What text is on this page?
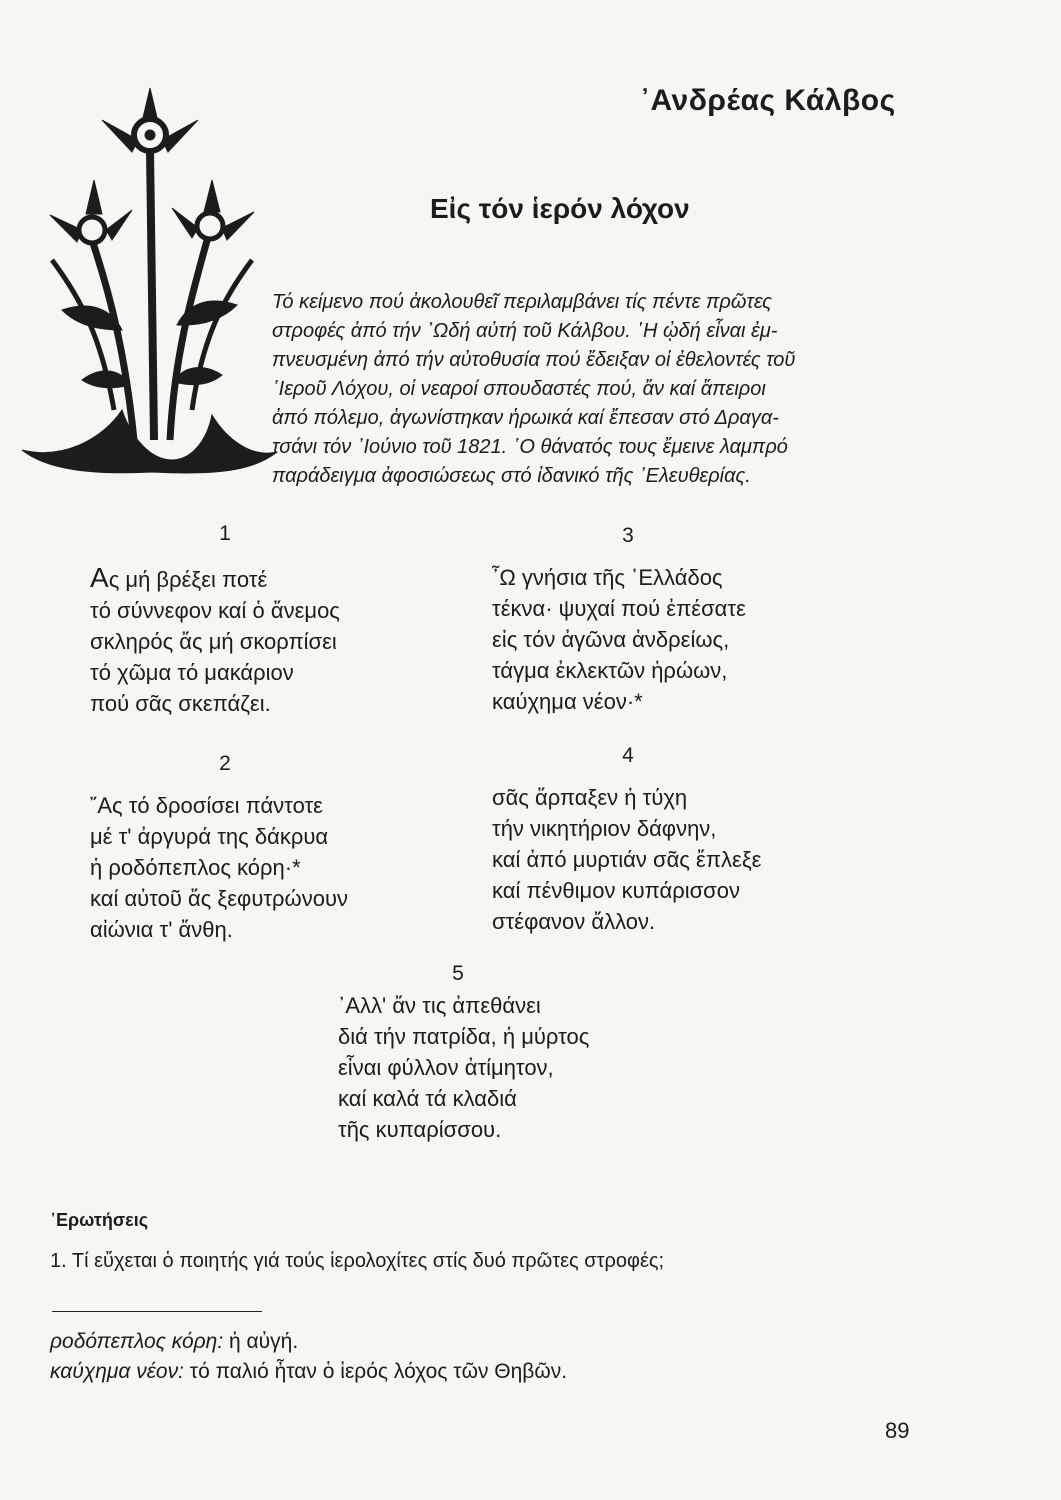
᾿Ανδρέας Κάλβος
Εἰς τόν ἱερόν λόχον
Τό κείμενο πού ἀκολουθεῖ περιλαμβάνει τίς πέντε πρῶτες
στροφές ἀπό τήν ᾿Ωδή αὐτή τοῦ Κάλβου. ῾Η ᾠδή εἶναι ἐμ-
πνευσμένη ἀπό τήν αὐτοθυσία πού ἔδειξαν οἱ ἐθελοντές τοῦ
῾Ιεροῦ Λόχου, οἱ νεαροί σπουδαστές πού, ἄν καί ἄπειροι
ἀπό πόλεμο, ἀγωνίστηκαν ἡρωικά καί ἔπεσαν στό Δραγα-
τσάνι τόν ᾿Ιούνιο τοῦ 1821. ῾Ο θάνατός τους ἔμεινε λαμπρό
παράδειγμα ἀφοσιώσεως στό ἰδανικό τῆς ᾿Ελευθερίας.
1
Ας μή βρέξει ποτέ
τό σύννεφον καί ὁ ἄνεμος
σκληρός ἄς μή σκορπίσει
τό χῶμα τό μακάριον
πού σᾶς σκεπάζει.
2
῎Ας τό δροσίσει πάντοτε
μέ τ' ἀργυρά της δάκρυα
ἡ ροδόπεπλος κόρη·*
καί αὐτοῦ ἄς ξεφυτρώνουν
αἰώνια τ' ἄνθη.
3
῏Ω γνήσια τῆς ῾Ελλάδος
τέκνα· ψυχαί πού ἐπέσατε
εἰς τόν ἀγῶνα ἀνδρείως,
τάγμα ἐκλεκτῶν ἡρώων,
καύχημα νέον·*
4
σᾶς ἅρπαξεν ἡ τύχη
τήν νικητήριον δάφνην,
καί ἀπό μυρτιάν σᾶς ἔπλεξε
καί πένθιμον κυπάρισσον
στέφανον ἄλλον.
5
᾿Αλλ' ἄν τις ἀπεθάνει
διά τήν πατρίδα, ἡ μύρτος
εἶναι φύλλον ἀτίμητον,
καί καλά τά κλαδιά
τῆς κυπαρίσσου.
᾿Ερωτήσεις
1. Τί εὔχεται ὁ ποιητής γιά τούς ἱερολοχίτες στίς δυό πρῶτες στροφές;
ροδόπεπλος κόρη: ἡ αὐγή.
καύχημα νέον: τό παλιό ἦταν ὁ ἱερός λόχος τῶν Θηβῶν.
89
